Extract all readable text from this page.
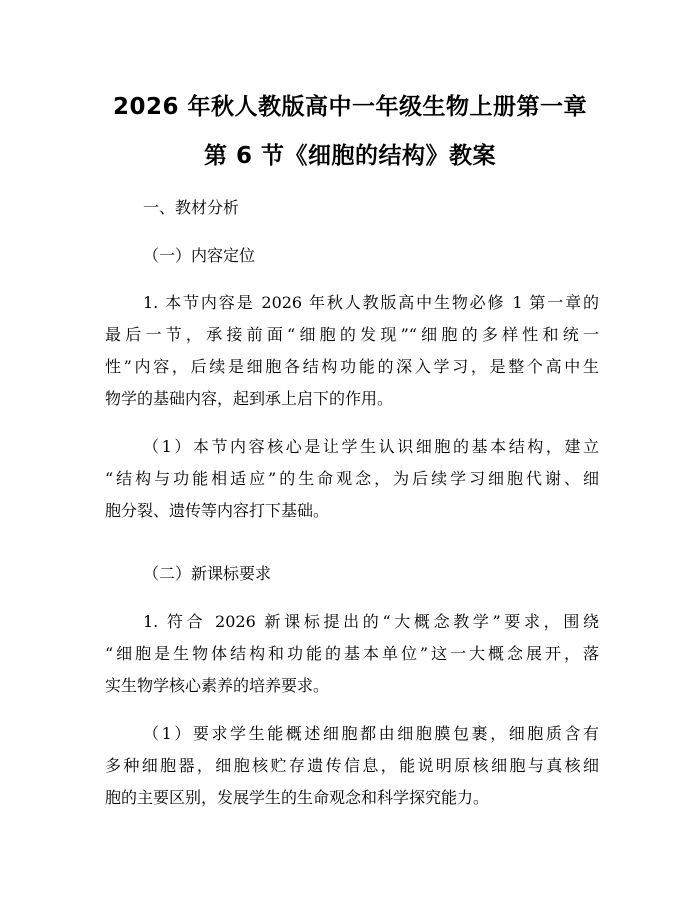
2026 年秋人教版高中一年级生物上册第一章
第 6 节《细胞的结构》教案
一、教材分析
（一）内容定位
1. 本节内容是 2026 年秋人教版高中生物必修 1 第一章的
最后一节，承接前面“细胞的发现”“细胞的多样性和统一
性”内容，后续是细胞各结构功能的深入学习，是整个高中生
物学的基础内容，起到承上启下的作用。
（1）本节内容核心是让学生认识细胞的基本结构，建立
“结构与功能相适应”的生命观念，为后续学习细胞代谢、细
胞分裂、遗传等内容打下基础。
（二）新课标要求
1. 符合 2026 新课标提出的“大概念教学”要求，围绕
“细胞是生物体结构和功能的基本单位”这一大概念展开，落
实生物学核心素养的培养要求。
（1）要求学生能概述细胞都由细胞膜包裹，细胞质含有
多种细胞器，细胞核贮存遗传信息，能说明原核细胞与真核细
胞的主要区别，发展学生的生命观念和科学探究能力。
